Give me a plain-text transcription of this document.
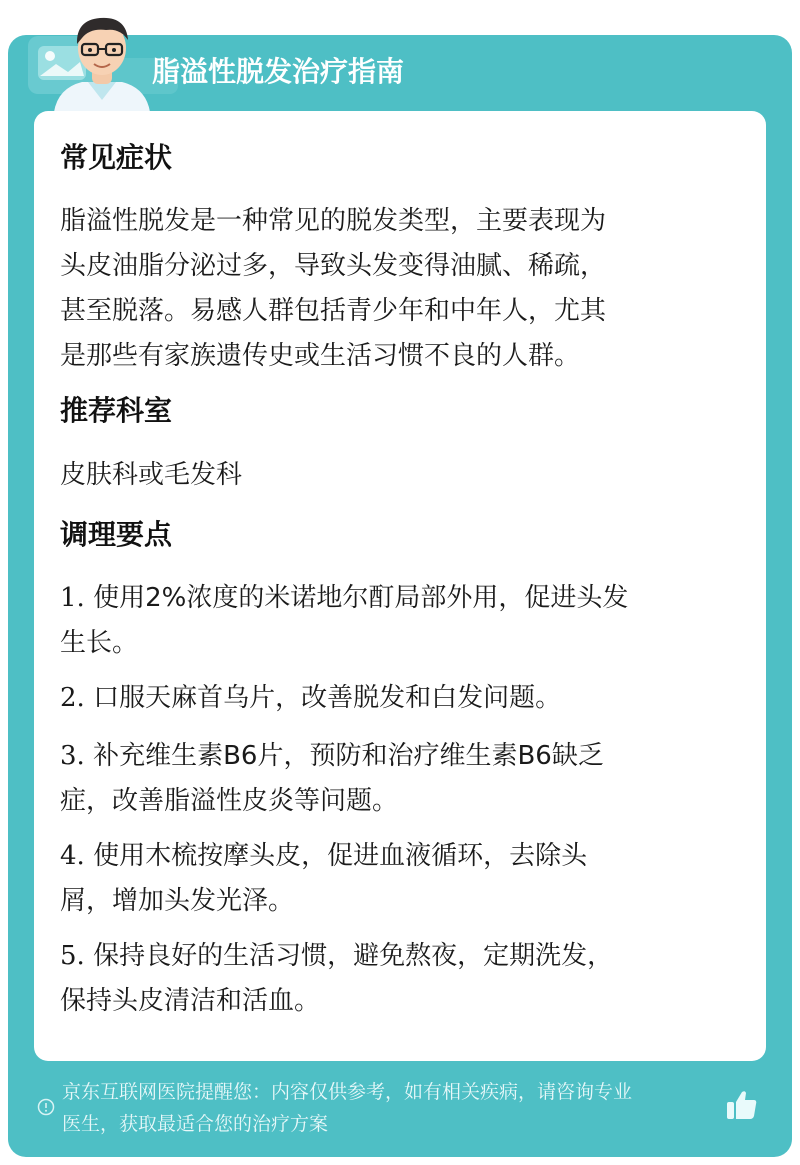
脂溢性脱发治疗指南
常见症状
脂溢性脱发是一种常见的脱发类型，主要表现为
头皮油脂分泌过多，导致头发变得油腻、稀疏，
甚至脱落。易感人群包括青少年和中年人，尤其
是那些有家族遗传史或生活习惯不良的人群。
推荐科室
皮肤科或毛发科
调理要点
1. 使用2%浓度的米诺地尔酊局部外用，促进头发
生长。
2. 口服天麻首乌片，改善脱发和白发问题。
3. 补充维生素B6片，预防和治疗维生素B6缺乏
症，改善脂溢性皮炎等问题。
4. 使用木梳按摩头皮，促进血液循环，去除头
屑，增加头发光泽。
5. 保持良好的生活习惯，避免熬夜，定期洗发，
保持头皮清洁和活血。
京东互联网医院提醒您：内容仅供参考，如有相关疾病，请咨询专业
医生，获取最适合您的治疗方案
